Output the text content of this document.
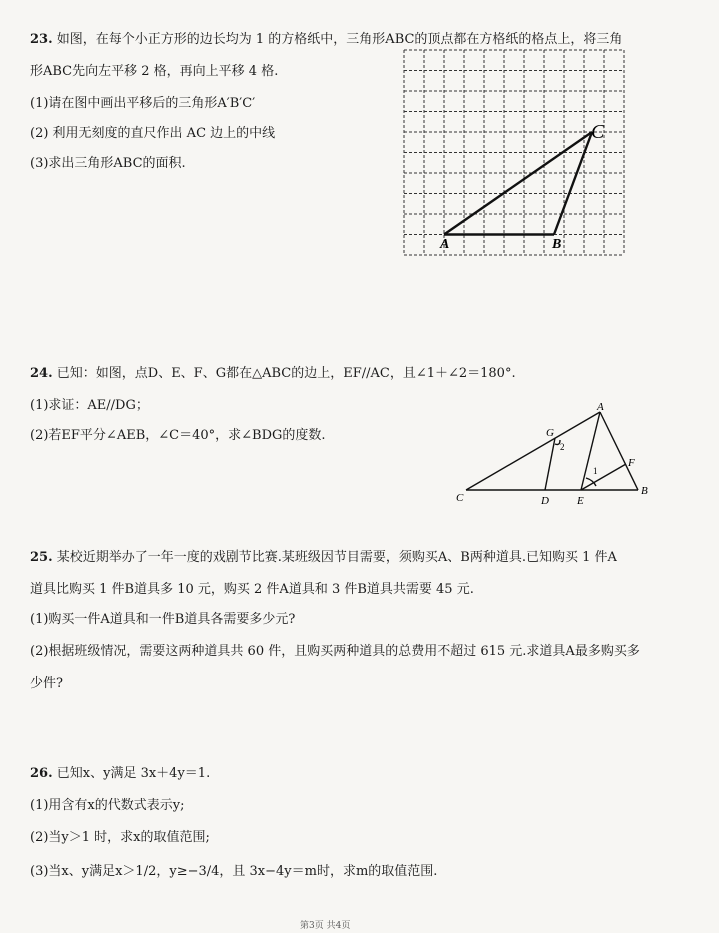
23. 如图，在每个小正方形的边长均为 1 的方格纸中，三角形ABC的顶点都在方格纸的格点上，将三角
形ABC先向左平移 2 格，再向上平移 4 格.
(1)请在图中画出平移后的三角形A′B′C′
(2) 利用无刻度的直尺作出 AC 边上的中线
(3)求出三角形ABC的面积.
A	B
C
24. 已知：如图，点D、E、F、G都在△ABC的边上，EF//AC，且∠1＋∠2＝180°.
(1)求证：AE//DG；
(2)若EF平分∠AEB，∠C＝40°，求∠BDG的度数.
A
B
C	D	E
F
G
2
1
25. 某校近期举办了一年一度的戏剧节比赛.某班级因节目需要，须购买A、B两种道具.已知购买 1 件A
道具比购买 1 件B道具多 10 元，购买 2 件A道具和 3 件B道具共需要 45 元.
(1)购买一件A道具和一件B道具各需要多少元?
(2)根据班级情况，需要这两种道具共 60 件，且购买两种道具的总费用不超过 615 元.求道具A最多购买多
少件?
26. 已知x、y满足 3x＋4y＝1.
(1)用含有x的代数式表示y;
(2)当y＞1 时，求x的取值范围;
(3)当x、y满足x＞1/2，y≥−3/4，且 3x−4y＝m时，求m的取值范围.
第3页 共4页
